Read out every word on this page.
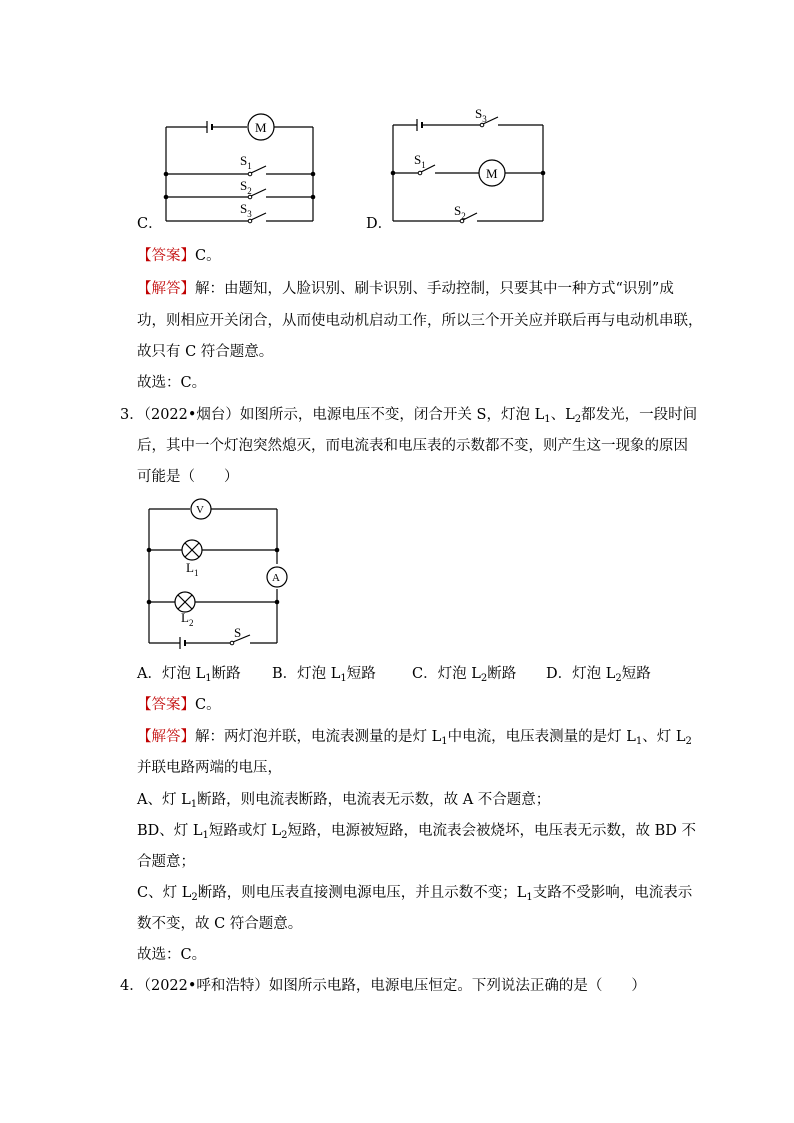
C．
M
$S_1$
$S_2$
$S_3$
D．
$S_3$
$S_1$
M
$S_2$
【答案】C。
【解答】解：由题知，人脸识别、刷卡识别、手动控制，只要其中一种方式“识别”成
功，则相应开关闭合，从而使电动机启动工作，所以三个开关应并联后再与电动机串联，
故只有 C 符合题意。
故选：C。
3．（2022•烟台）如图所示，电源电压不变，闭合开关 S，灯泡 $L_1$、$L_2$都发光，一段时间
后，其中一个灯泡突然熄灭，而电流表和电压表的示数都不变，则产生这一现象的原因
可能是（　　）
V
$L_1$	A
$L_2$
S
A．灯泡 $L_1$断路 B．灯泡 $L_1$短路 C．灯泡 $L_2$断路 D．灯泡 $L_2$短路
【答案】C。
【解答】解：两灯泡并联，电流表测量的是灯 $L_1$中电流，电压表测量的是灯 $L_1$、灯 $L_2$
并联电路两端的电压，
A、灯 $L_1$断路，则电流表断路，电流表无示数，故 A 不合题意；
BD、灯 $L_1$短路或灯 $L_2$短路，电源被短路，电流表会被烧坏，电压表无示数，故 BD 不
合题意；
C、灯 $L_2$断路，则电压表直接测电源电压，并且示数不变；$L_1$支路不受影响，电流表示
数不变，故 C 符合题意。
故选：C。
4．（2022•呼和浩特）如图所示电路，电源电压恒定。下列说法正确的是（　　）
